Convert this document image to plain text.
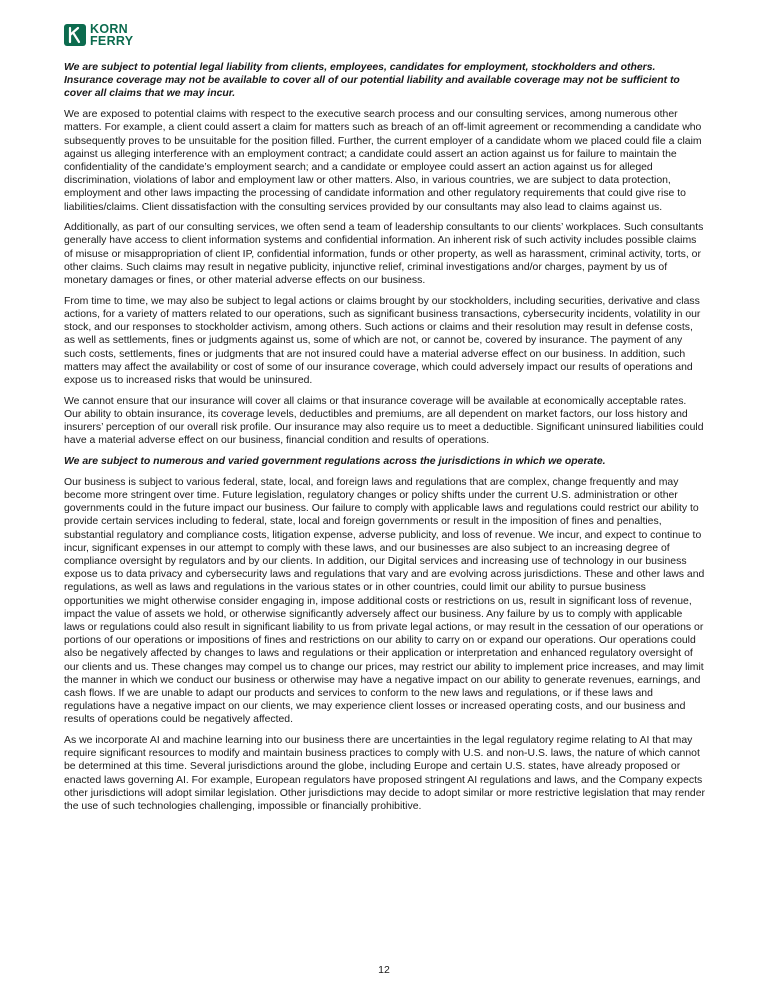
KORN
FERRY

We are subject to potential legal liability from clients, employees, candidates for employment, stockholders and others. Insurance coverage may not be available to cover all of our potential liability and available coverage may not be sufficient to cover all claims that we may incur.

We are exposed to potential claims with respect to the executive search process and our consulting services, among numerous other matters. For example, a client could assert a claim for matters such as breach of an off-limit agreement or recommending a candidate who subsequently proves to be unsuitable for the position filled. Further, the current employer of a candidate whom we placed could file a claim against us alleging interference with an employment contract; a candidate could assert an action against us for failure to maintain the confidentiality of the candidate’s employment search; and a candidate or employee could assert an action against us for alleged discrimination, violations of labor and employment law or other matters. Also, in various countries, we are subject to data protection, employment and other laws impacting the processing of candidate information and other regulatory requirements that could give rise to liabilities/claims. Client dissatisfaction with the consulting services provided by our consultants may also lead to claims against us.

Additionally, as part of our consulting services, we often send a team of leadership consultants to our clients’ workplaces. Such consultants generally have access to client information systems and confidential information. An inherent risk of such activity includes possible claims of misuse or misappropriation of client IP, confidential information, funds or other property, as well as harassment, criminal activity, torts, or other claims. Such claims may result in negative publicity, injunctive relief, criminal investigations and/or charges, payment by us of monetary damages or fines, or other material adverse effects on our business.

From time to time, we may also be subject to legal actions or claims brought by our stockholders, including securities, derivative and class actions, for a variety of matters related to our operations, such as significant business transactions, cybersecurity incidents, volatility in our stock, and our responses to stockholder activism, among others. Such actions or claims and their resolution may result in defense costs, as well as settlements, fines or judgments against us, some of which are not, or cannot be, covered by insurance. The payment of any such costs, settlements, fines or judgments that are not insured could have a material adverse effect on our business. In addition, such matters may affect the availability or cost of some of our insurance coverage, which could adversely impact our results of operations and expose us to increased risks that would be uninsured.

We cannot ensure that our insurance will cover all claims or that insurance coverage will be available at economically acceptable rates. Our ability to obtain insurance, its coverage levels, deductibles and premiums, are all dependent on market factors, our loss history and insurers’ perception of our overall risk profile. Our insurance may also require us to meet a deductible. Significant uninsured liabilities could have a material adverse effect on our business, financial condition and results of operations.

We are subject to numerous and varied government regulations across the jurisdictions in which we operate.

Our business is subject to various federal, state, local, and foreign laws and regulations that are complex, change frequently and may become more stringent over time. Future legislation, regulatory changes or policy shifts under the current U.S. administration or other governments could in the future impact our business. Our failure to comply with applicable laws and regulations could restrict our ability to provide certain services including to federal, state, local and foreign governments or result in the imposition of fines and penalties, substantial regulatory and compliance costs, litigation expense, adverse publicity, and loss of revenue. We incur, and expect to continue to incur, significant expenses in our attempt to comply with these laws, and our businesses are also subject to an increasing degree of compliance oversight by regulators and by our clients. In addition, our Digital services and increasing use of technology in our business expose us to data privacy and cybersecurity laws and regulations that vary and are evolving across jurisdictions. These and other laws and regulations, as well as laws and regulations in the various states or in other countries, could limit our ability to pursue business opportunities we might otherwise consider engaging in, impose additional costs or restrictions on us, result in significant loss of revenue, impact the value of assets we hold, or otherwise significantly adversely affect our business. Any failure by us to comply with applicable laws or regulations could also result in significant liability to us from private legal actions, or may result in the cessation of our operations or portions of our operations or impositions of fines and restrictions on our ability to carry on or expand our operations. Our operations could also be negatively affected by changes to laws and regulations or their application or interpretation and enhanced regulatory oversight of our clients and us. These changes may compel us to change our prices, may restrict our ability to implement price increases, and may limit the manner in which we conduct our business or otherwise may have a negative impact on our ability to generate revenues, earnings, and cash flows. If we are unable to adapt our products and services to conform to the new laws and regulations, or if these laws and regulations have a negative impact on our clients, we may experience client losses or increased operating costs, and our business and results of operations could be negatively affected.

As we incorporate AI and machine learning into our business there are uncertainties in the legal regulatory regime relating to AI that may require significant resources to modify and maintain business practices to comply with U.S. and non-U.S. laws, the nature of which cannot be determined at this time. Several jurisdictions around the globe, including Europe and certain U.S. states, have already proposed or enacted laws governing AI. For example, European regulators have proposed stringent AI regulations and laws, and the Company expects other jurisdictions will adopt similar legislation. Other jurisdictions may decide to adopt similar or more restrictive legislation that may render the use of such technologies challenging, impossible or financially prohibitive.

12
